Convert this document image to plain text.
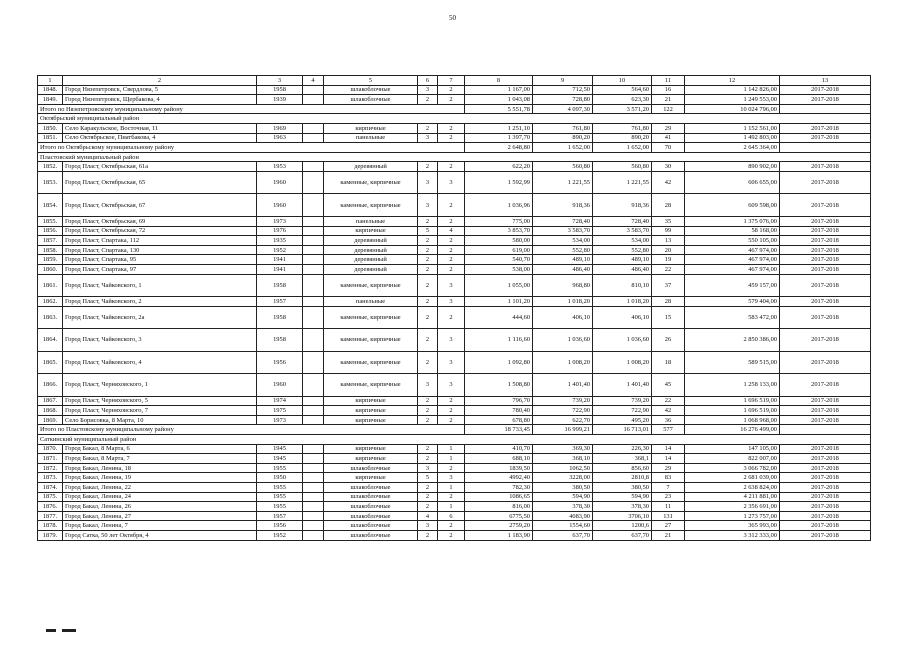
50
1	2	3	4	5	6	7	8	9	10	11	12	13
1848.	Город Нязепетровск, Свердлова, 5	1958		шлакоблочные	3	2	1 167,00	712,50	564,60	16	1 142 826,00	2017-2018
1849.	Город Нязепетровск, Щербакова, 4	1939		шлакоблочные	2	2	1 043,08	728,80	623,30	21	1 249 553,00	2017-2018
Итого по Нязепетровскому муниципальному району							5 551,78	4 097,30	3 571,20	122	10 024 796,00	
Октябрьский муниципальный район												
1850.	Село Каракульское, Восточная, 11	1969		кирпичные	2	2	1 251,10	761,80	761,80	29	1 152 561,00	2017-2018
1851.	Село Октябрьское, Пиатбакова, 4	1963		панельные	3	2	1 397,70	890,20	890,20	41	1 492 803,00	2017-2018
Итого по Октябрьскому муниципальному району							2 648,80	1 652,00	1 652,00	70	2 645 364,00	
Пластовский муниципальный район												
1852.	Город Пласт, Октябрьская, 61а	1953		деревянный	2	2	622,20	560,80	560,80	30	890 902,00	2017-2018
1853.	Город Пласт, Октябрьская, 65	1960		каменные, кирпичные	3	3	1 592,99	1 221,55	1 221,55	42	606 655,00	2017-2018
1854.	Город Пласт, Октябрьская, 67	1960		каменные, кирпичные	3	2	1 036,96	918,36	918,36	28	609 598,00	2017-2018
1855.	Город Пласт, Октябрьская, 69	1973		панельные	2	2	775,00	728,40	728,40	35	1 375 076,00	2017-2018
1856.	Город Пласт, Октябрьская, 72	1976		кирпичные	5	4	3 853,70	3 583,70	3 583,70	99	58 168,00	2017-2018
1857.	Город Пласт, Спартака, 112	1935		деревянный	2	2	580,00	534,00	534,00	13	550 105,00	2017-2018
1858.	Город Пласт, Спартака, 130	1952		деревянный	2	2	619,00	552,80	552,80	20	467 974,00	2017-2018
1859.	Город Пласт, Спартака, 95	1941		деревянный	2	2	540,70	489,10	489,10	19	467 974,00	2017-2018
1860.	Город Пласт, Спартака, 97	1941		деревянный	2	2	538,00	486,40	486,40	22	467 974,00	2017-2018
1861.	Город Пласт, Чайковского, 1	1958		каменные, кирпичные	2	3	1 055,00	968,80	810,10	37	459 157,00	2017-2018
1862.	Город Пласт, Чайковского, 2	1957		панельные	2	3	1 101,20	1 018,20	1 018,20	28	579 404,00	2017-2018
1863.	Город Пласт, Чайковского, 2а	1958		каменные, кирпичные	2	2	444,60	406,10	406,10	15	583 472,00	2017-2018
1864.	Город Пласт, Чайковского, 3	1958		каменные, кирпичные	2	3	1 116,60	1 036,60	1 036,60	26	2 850 386,00	2017-2018
1865.	Город Пласт, Чайковского, 4	1956		каменные, кирпичные	2	3	1 092,80	1 008,20	1 008,20	18	589 515,00	2017-2018
1866.	Город Пласт, Черняховского, 1	1960		каменные, кирпичные	3	3	1 508,80	1 401,40	1 401,40	45	1 258 133,00	2017-2018
1867.	Город Пласт, Черняховского, 5	1974		кирпичные	2	2	796,70	739,20	739,20	22	1 696 519,00	2017-2018
1868.	Город Пласт, Черняховского, 7	1975		кирпичные	2	2	780,40	722,90	722,90	42	1 696 519,00	2017-2018
1869.	Село Борисовка, 8 Марта, 10	1973		кирпичные	2	2	678,80	622,70	495,20	36	1 068 968,00	2017-2018
Итого по Пластовскому муниципальному району							18 733,45	16 999,21	16 713,01	577	16 276 499,00	
Саткинский муниципальный район												
1870.	Город Бакал, 8 Марта, 6	1945		кирпичные	2	1	410,70	369,30	226,30	14	147 105,00	2017-2018
1871.	Город Бакал, 8 Марта, 7	1945		кирпичные	2	1	688,10	368,10	368,1	14	822 007,00	2017-2018
1872.	Город Бакал, Ленина, 18	1955		шлакоблочные	3	2	1839,50	1062,50	856,60	29	3 066 782,00	2017-2018
1873.	Город Бакал, Ленина, 19	1950		кирпичные	5	3	4992,40	3228,00	2810,8	83	2 681 039,00	2017-2018
1874.	Город Бакал, Ленина, 22	1955		шлакоблочные	2	1	782,30	380,50	380,50	7	2 638 824,00	2017-2018
1875.	Город Бакал, Ленина, 24	1955		шлакоблочные	2	2	1086,65	594,90	594,90	23	4 211 881,00	2017-2018
1876.	Город Бакал, Ленина, 26	1955		шлакоблочные	2	1	816,00	378,30	378,30	11	2 356 691,00	2017-2018
1877.	Город Бакал, Ленина, 27	1957		шлакоблочные	4	6	6775,50	4083,90	3706,10	131	1 273 757,00	2017-2018
1878.	Город Бакал, Ленина, 7	1956		шлакоблочные	3	2	2759,20	1554,60	1200,6	27	365 993,00	2017-2018
1879.	Город Сатка, 50 лет Октября, 4	1952		шлакоблочные	2	2	1 183,90	637,70	637,70	21	3 312 333,00	2017-2018
